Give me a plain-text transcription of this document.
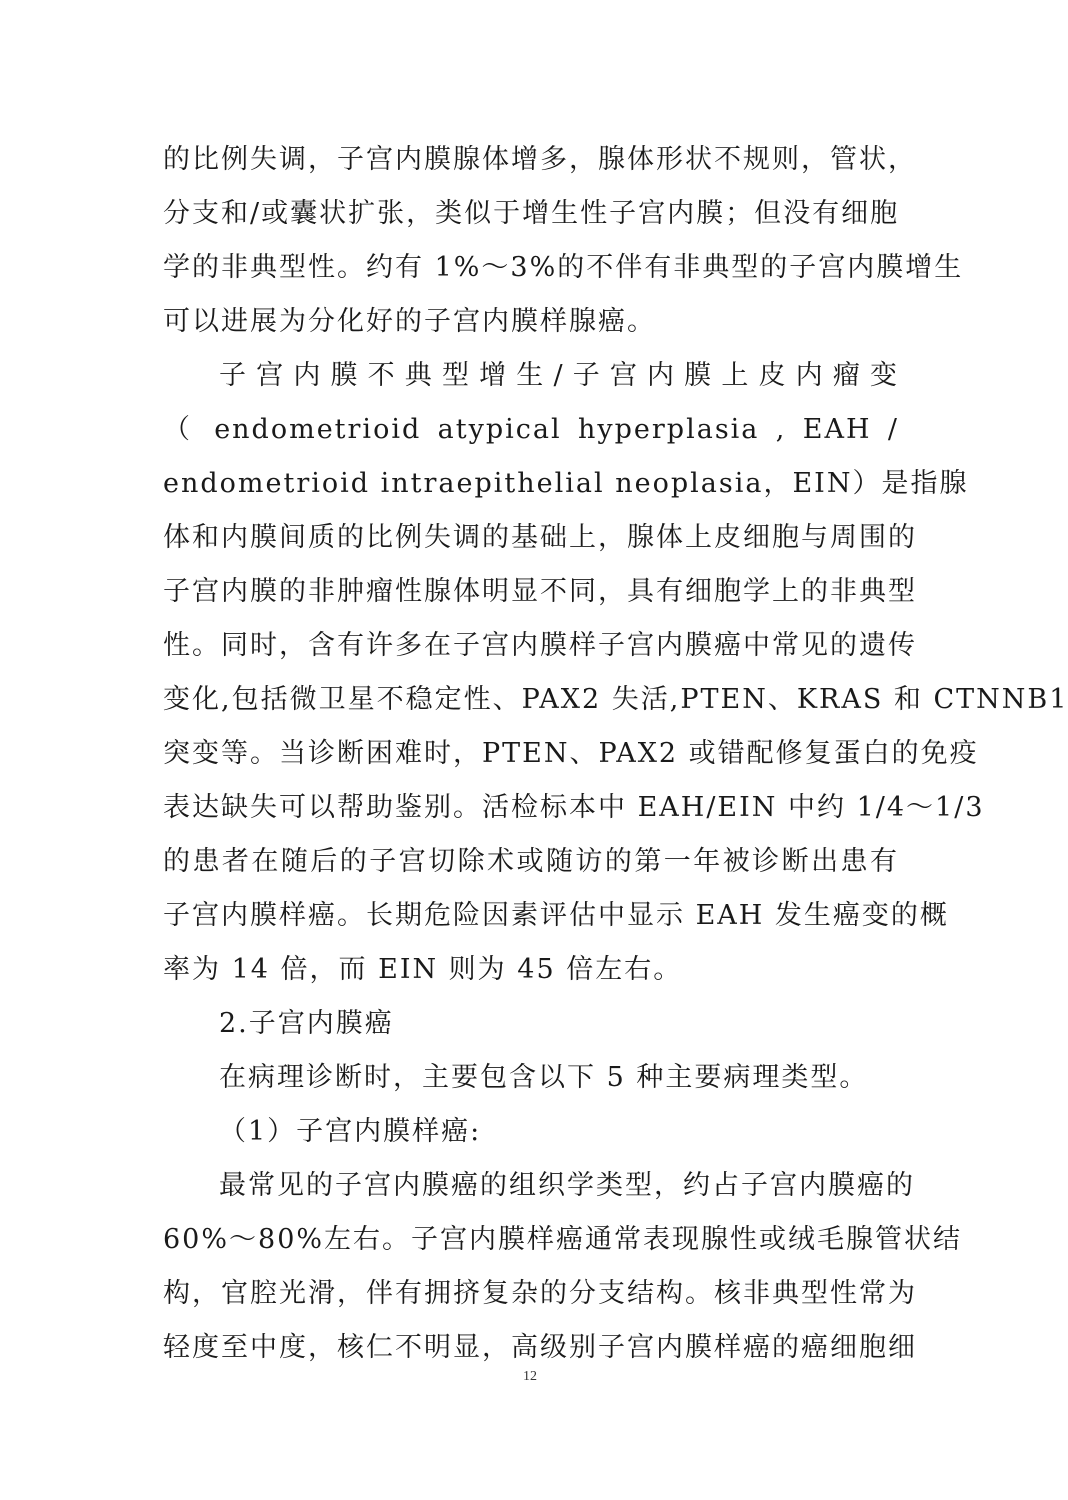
的比例失调，子宫内膜腺体增多，腺体形状不规则，管状，
分支和/或囊状扩张，类似于增生性子宫内膜；但没有细胞
学的非典型性。约有 1%～3%的不伴有非典型的子宫内膜增生
可以进展为分化好的子宫内膜样腺癌。
子宫内膜不典型增生/子宫内膜上皮内瘤变
（ endometrioid atypical hyperplasia , EAH /
endometrioid intraepithelial neoplasia，EIN）是指腺
体和内膜间质的比例失调的基础上，腺体上皮细胞与周围的
子宫内膜的非肿瘤性腺体明显不同，具有细胞学上的非典型
性。同时，含有许多在子宫内膜样子宫内膜癌中常见的遗传
变化,包括微卫星不稳定性、PAX2 失活,PTEN、KRAS 和 CTNNB1
突变等。当诊断困难时，PTEN、PAX2 或错配修复蛋白的免疫
表达缺失可以帮助鉴别。活检标本中 EAH/EIN 中约 1/4～1/3
的患者在随后的子宫切除术或随访的第一年被诊断出患有
子宫内膜样癌。长期危险因素评估中显示 EAH 发生癌变的概
率为 14 倍，而 EIN 则为 45 倍左右。
2.子宫内膜癌
在病理诊断时，主要包含以下 5 种主要病理类型。
（1）子宫内膜样癌:
最常见的子宫内膜癌的组织学类型，约占子宫内膜癌的
60%～80%左右。子宫内膜样癌通常表现腺性或绒毛腺管状结
构，官腔光滑，伴有拥挤复杂的分支结构。核非典型性常为
轻度至中度，核仁不明显，高级别子宫内膜样癌的癌细胞细
12
